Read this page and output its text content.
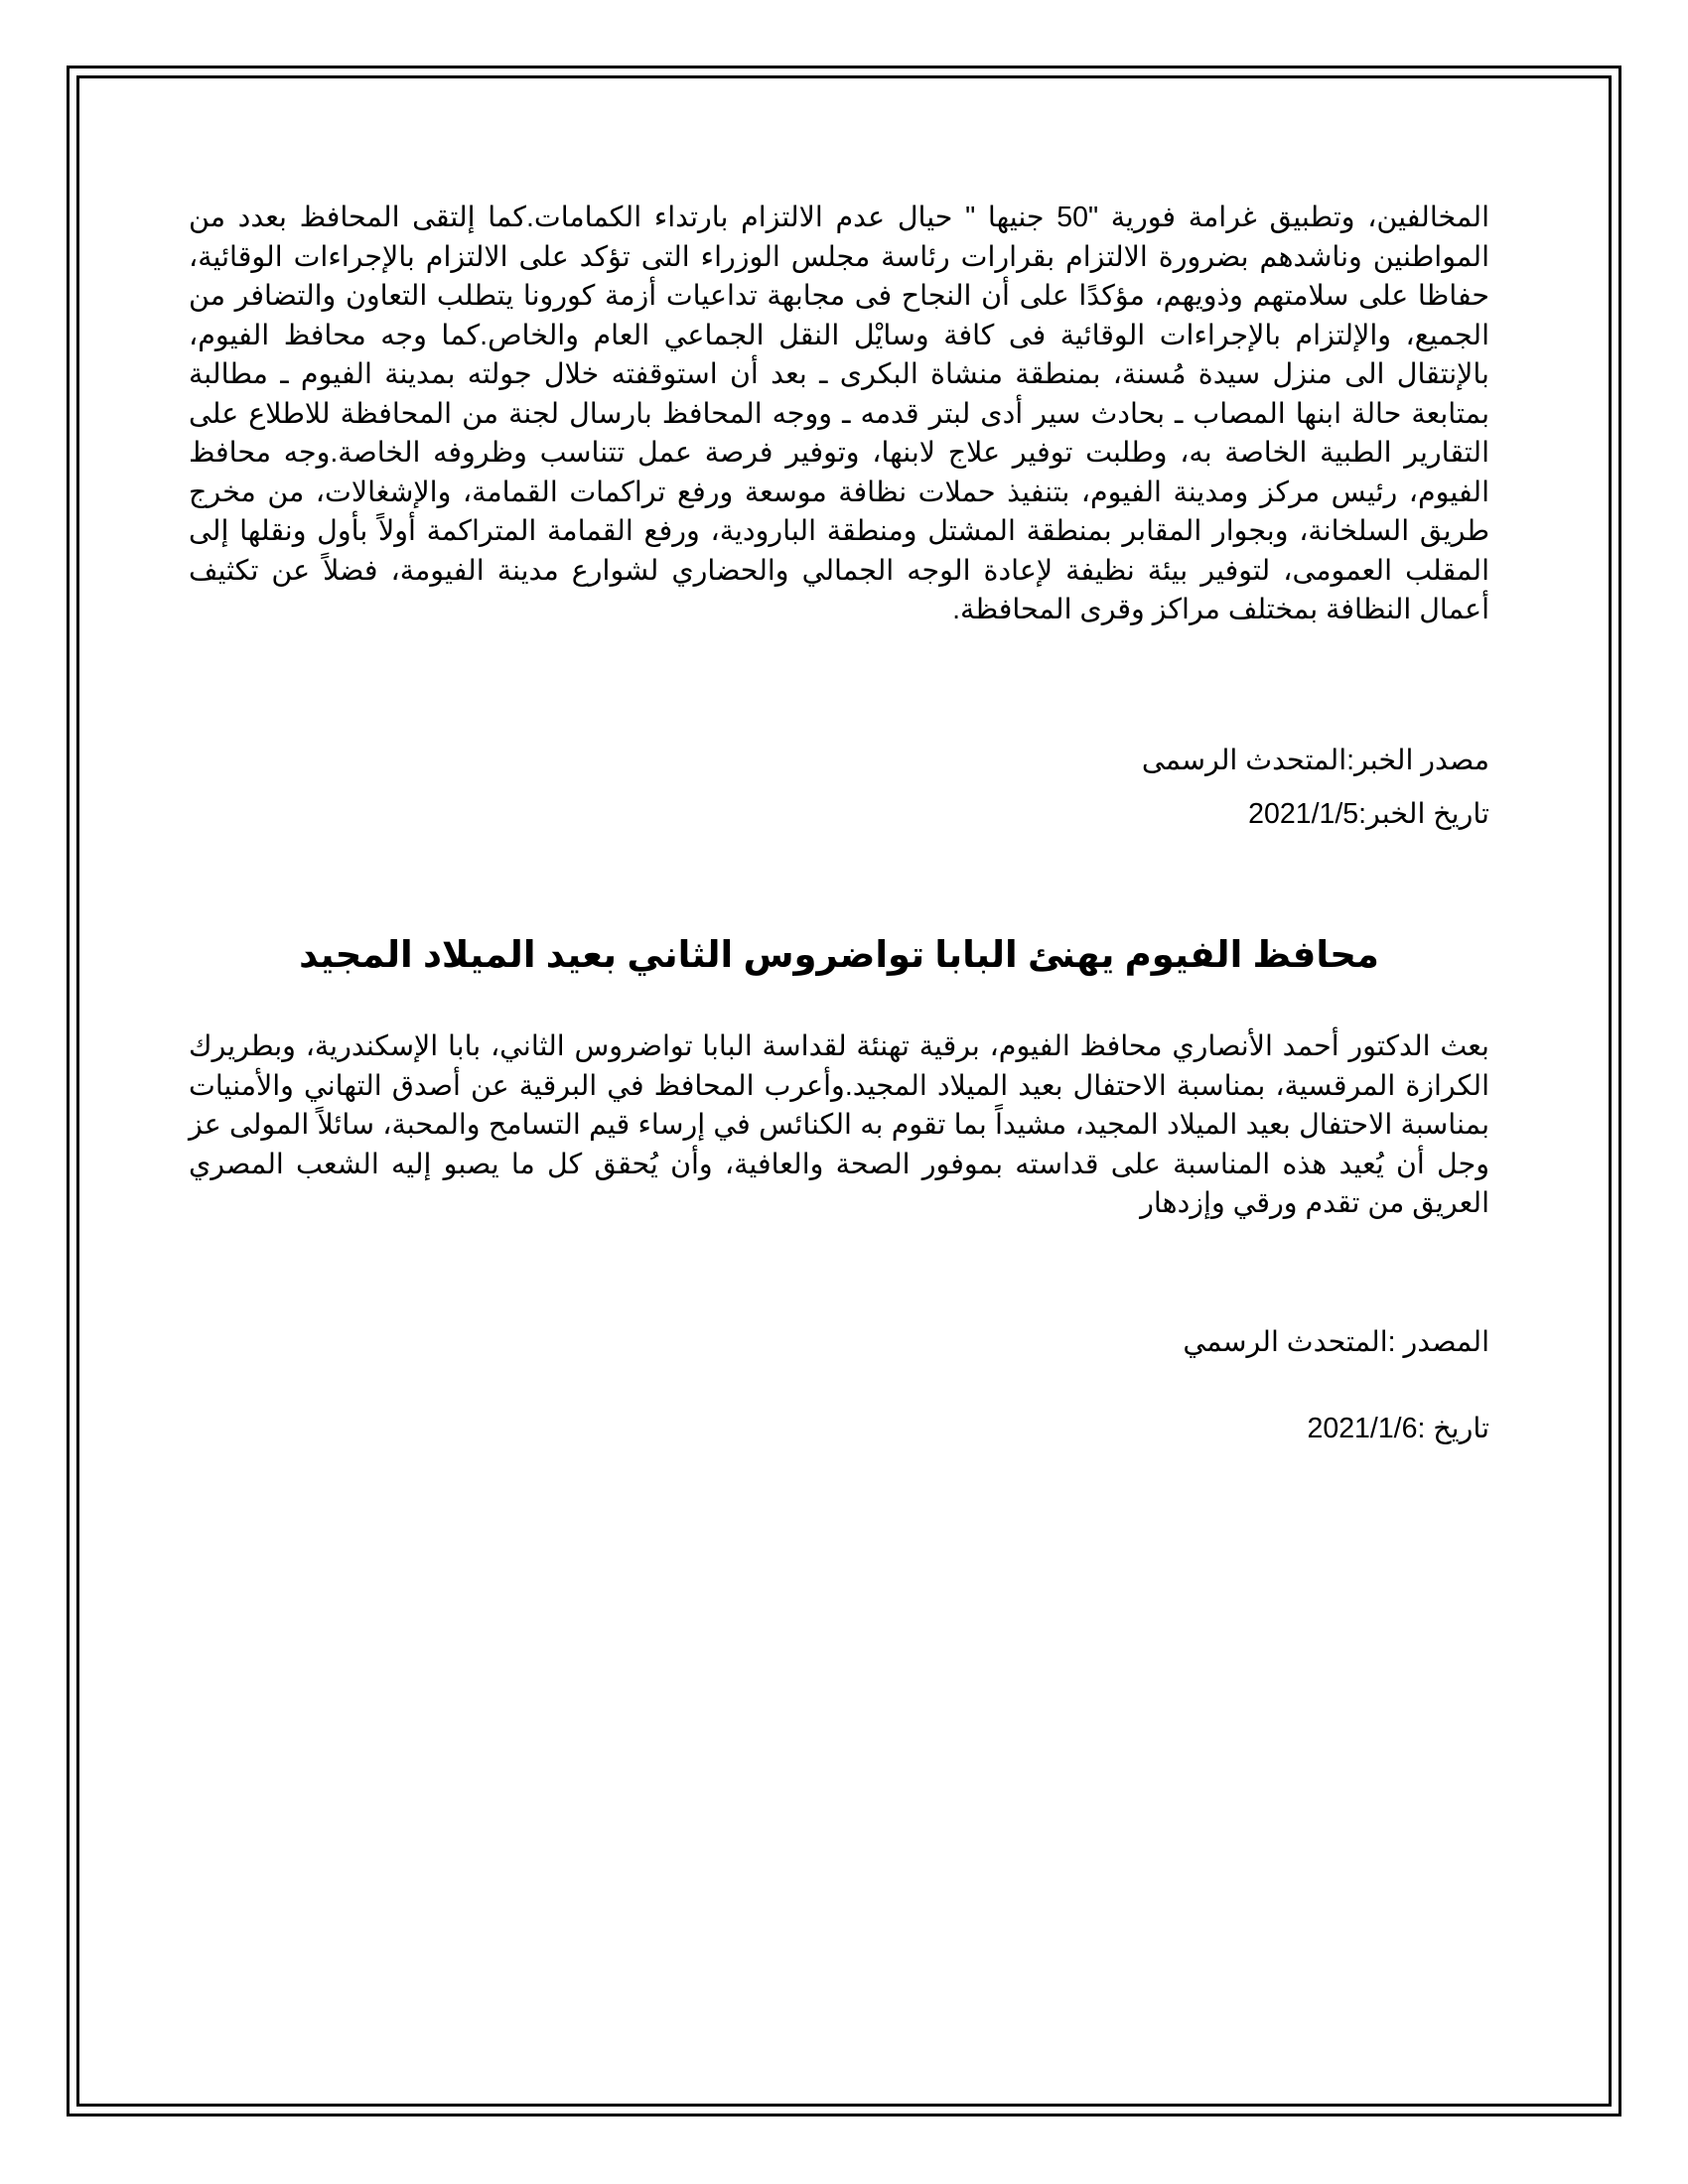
المخالفين، وتطبيق غرامة فورية "50 جنيها " حيال عدم الالتزام بارتداء الكمامات.كما إلتقى المحافظ بعدد من المواطنين وناشدهم بضرورة الالتزام بقرارات رئاسة مجلس الوزراء التى تؤكد على الالتزام بالإجراءات الوقائية، حفاظا على سلامتهم وذويهم، مؤكدًا على أن النجاح فى مجابهة تداعيات أزمة كورونا يتطلب التعاون والتضافر من الجميع، والإلتزام بالإجراءات الوقائية فى كافة وسايْل النقل الجماعي العام والخاص.كما وجه محافظ الفيوم، بالإنتقال الى منزل سيدة مُسنة، بمنطقة منشاة البكرى ـ بعد أن استوقفته خلال جولته بمدينة الفيوم ـ مطالبة بمتابعة حالة ابنها المصاب ـ بحادث سير أدى لبتر قدمه ـ ووجه المحافظ بارسال لجنة من المحافظة للاطلاع على التقارير الطبية الخاصة به، وطلبت توفير علاج لابنها، وتوفير فرصة عمل تتناسب وظروفه الخاصة.وجه محافظ الفيوم، رئيس مركز ومدينة الفيوم، بتنفيذ حملات نظافة موسعة ورفع تراكمات القمامة، والإشغالات، من مخرج طريق السلخانة، وبجوار المقابر بمنطقة المشتل ومنطقة البارودية، ورفع القمامة المتراكمة أولاً بأول ونقلها إلى المقلب العمومى، لتوفير بيئة نظيفة لإعادة الوجه الجمالي والحضاري لشوارع مدينة الفيومة، فضلاً عن تكثيف أعمال النظافة بمختلف مراكز وقرى المحافظة.

مصدر الخبر:المتحدث الرسمى

تاريخ الخبر:2021/1/5

محافظ الفيوم يهنئ البابا تواضروس الثاني بعيد الميلاد المجيد

بعث الدكتور أحمد الأنصاري محافظ الفيوم، برقية تهنئة لقداسة البابا تواضروس الثاني، بابا الإسكندرية، وبطريرك الكرازة المرقسية، بمناسبة الاحتفال بعيد الميلاد المجيد.وأعرب المحافظ في البرقية عن أصدق التهاني والأمنيات بمناسبة الاحتفال بعيد الميلاد المجيد، مشيداً بما تقوم به الكنائس في إرساء قيم التسامح والمحبة، سائلاً المولى عز وجل أن يُعيد هذه المناسبة على قداسته بموفور الصحة والعافية، وأن يُحقق كل ما يصبو إليه الشعب المصري العريق من تقدم ورقي وإزدهار

المصدر :المتحدث الرسمي

تاريخ :2021/1/6
